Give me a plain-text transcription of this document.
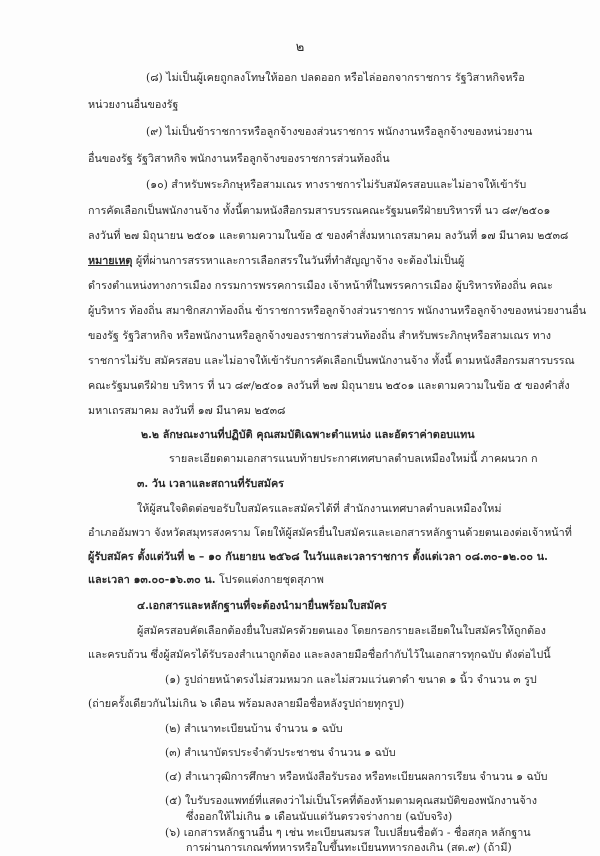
๒
(๘) ไม่เป็นผู้เคยถูกลงโทษให้ออก ปลดออก หรือไล่ออกจากราชการ รัฐวิสาหกิจหรือ
หน่วยงานอื่นของรัฐ
(๙) ไม่เป็นข้าราชการหรือลูกจ้างของส่วนราชการ พนักงานหรือลูกจ้างของหน่วยงาน
อื่นของรัฐ รัฐวิสาหกิจ พนักงานหรือลูกจ้างของราชการส่วนท้องถิ่น
(๑๐) สำหรับพระภิกษุหรือสามเณร ทางราชการไม่รับสมัครสอบและไม่อาจให้เข้ารับ
การคัดเลือกเป็นพนักงานจ้าง ทั้งนี้ตามหนังสือกรมสารบรรณคณะรัฐมนตรีฝ่ายบริหารที่ นว ๘๙/๒๕๐๑
ลงวันที่ ๒๗ มิถุนายน ๒๕๐๑ และตามความในข้อ ๕ ของคำสั่งมหาเถรสมาคม ลงวันที่ ๑๗ มีนาคม ๒๕๓๘
หมายเหตุ ผู้ที่ผ่านการสรรหาและการเลือกสรรในวันที่ทำสัญญาจ้าง จะต้องไม่เป็นผู้
ดำรงตำแหน่งทางการเมือง กรรมการพรรคการเมือง เจ้าหน้าที่ในพรรคการเมือง ผู้บริหารท้องถิ่น คณะ
ผู้บริหาร ท้องถิ่น สมาชิกสภาท้องถิ่น ข้าราชการหรือลูกจ้างส่วนราชการ พนักงานหรือลูกจ้างของหน่วยงานอื่น
ของรัฐ รัฐวิสาหกิจ หรือพนักงานหรือลูกจ้างของราชการส่วนท้องถิ่น สำหรับพระภิกษุหรือสามเณร ทาง
ราชการไม่รับ สมัครสอบ และไม่อาจให้เข้ารับการคัดเลือกเป็นพนักงานจ้าง ทั้งนี้ ตามหนังสือกรมสารบรรณ
คณะรัฐมนตรีฝ่าย บริหาร ที่ นว ๘๙/๒๕๐๑ ลงวันที่ ๒๗ มิถุนายน ๒๕๐๑ และตามความในข้อ ๕ ของคำสั่ง
มหาเถรสมาคม ลงวันที่ ๑๗ มีนาคม ๒๕๓๘
๒.๒ ลักษณะงานที่ปฏิบัติ คุณสมบัติเฉพาะตำแหน่ง และอัตราค่าตอบแทน
รายละเอียดตามเอกสารแนบท้ายประกาศเทศบาลตำบลเหมืองใหม่นี้ ภาคผนวก ก
๓. วัน เวลาและสถานที่รับสมัคร
ให้ผู้สนใจติดต่อขอรับใบสมัครและสมัครได้ที่ สำนักงานเทศบาลตำบลเหมืองใหม่
อำเภออัมพวา จังหวัดสมุทรสงคราม โดยให้ผู้สมัครยื่นใบสมัครและเอกสารหลักฐานด้วยตนเองต่อเจ้าหน้าที่
ผู้รับสมัคร ตั้งแต่วันที่ ๒ – ๑๐ กันยายน ๒๕๖๘ ในวันและเวลาราชการ ตั้งแต่เวลา ๐๘.๓๐-๑๒.๐๐ น.
และเวลา ๑๓.๐๐-๑๖.๓๐ น. โปรดแต่งกายชุดสุภาพ
๔.เอกสารและหลักฐานที่จะต้องนำมายื่นพร้อมใบสมัคร
ผู้สมัครสอบคัดเลือกต้องยื่นใบสมัครด้วยตนเอง โดยกรอกรายละเอียดในใบสมัครให้ถูกต้อง
และครบถ้วน ซึ่งผู้สมัครได้รับรองสำเนาถูกต้อง และลงลายมือชื่อกำกับไว้ในเอกสารทุกฉบับ ดังต่อไปนี้
(๑) รูปถ่ายหน้าตรงไม่สวมหมวก และไม่สวมแว่นตาดำ ขนาด ๑ นิ้ว จำนวน ๓ รูป
(ถ่ายครั้งเดียวกันไม่เกิน ๖ เดือน พร้อมลงลายมือชื่อหลังรูปถ่ายทุกรูป)
(๒) สำเนาทะเบียนบ้าน จำนวน ๑ ฉบับ
(๓) สำเนาบัตรประจำตัวประชาชน จำนวน ๑ ฉบับ
(๔) สำเนาวุฒิการศึกษา หรือหนังสือรับรอง หรือทะเบียนผลการเรียน จำนวน ๑ ฉบับ
(๕) ใบรับรองแพทย์ที่แสดงว่าไม่เป็นโรคที่ต้องห้ามตามคุณสมบัติของพนักงานจ้าง
ซึ่งออกให้ไม่เกิน ๑ เดือนนับแต่วันตรวจร่างกาย (ฉบับจริง)
(๖) เอกสารหลักฐานอื่น ๆ เช่น ทะเบียนสมรส ใบเปลี่ยนชื่อตัว - ชื่อสกุล หลักฐาน
การผ่านการเกณฑ์ทหารหรือใบขึ้นทะเบียนทหารกองเกิน (สด.๙) (ถ้ามี)
